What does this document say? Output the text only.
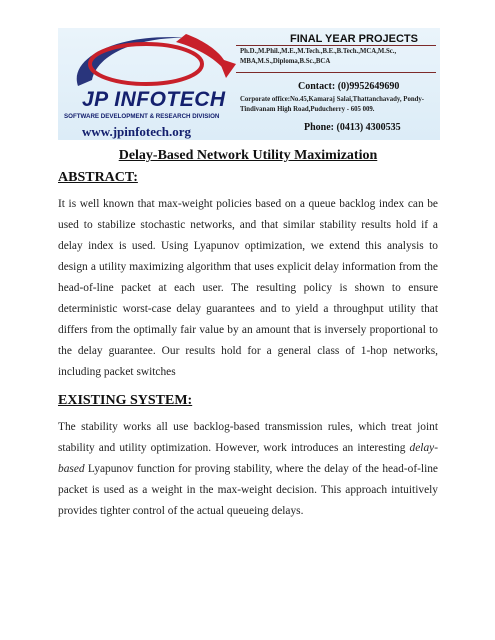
JP INFOTECH
SOFTWARE DEVELOPMENT & RESEARCH DIVISION
www.jpinfotech.org
FINAL YEAR PROJECTS
Ph.D.,M.Phil.,M.E.,M.Tech.,B.E.,B.Tech.,MCA,M.Sc., MBA,M.S.,Diploma,B.Sc.,BCA
Contact: (0)9952649690
Corporate office:No.45,Kamaraj Salai,Thattanchavady, Pondy-Tindivanam High Road,Puducherry - 605 009.
Phone: (0413) 4300535
Delay-Based Network Utility Maximization
ABSTRACT:

It is well known that max-weight policies based on a queue backlog index can be used to stabilize stochastic networks, and that similar stability results hold if a delay index is used. Using Lyapunov optimization, we extend this analysis to design a utility maximizing algorithm that uses explicit delay information from the head-of-line packet at each user. The resulting policy is shown to ensure deterministic worst-case delay guarantees and to yield a throughput utility that differs from the optimally fair value by an amount that is inversely proportional to the delay guarantee. Our results hold for a general class of 1-hop networks, including packet switches

EXISTING SYSTEM:

The stability works all use backlog-based transmission rules, which treat joint stability and utility optimization. However, work introduces an interesting delay-based Lyapunov function for proving stability, where the delay of the head-of-line packet is used as a weight in the max-weight decision. This approach intuitively provides tighter control of the actual queueing delays.
